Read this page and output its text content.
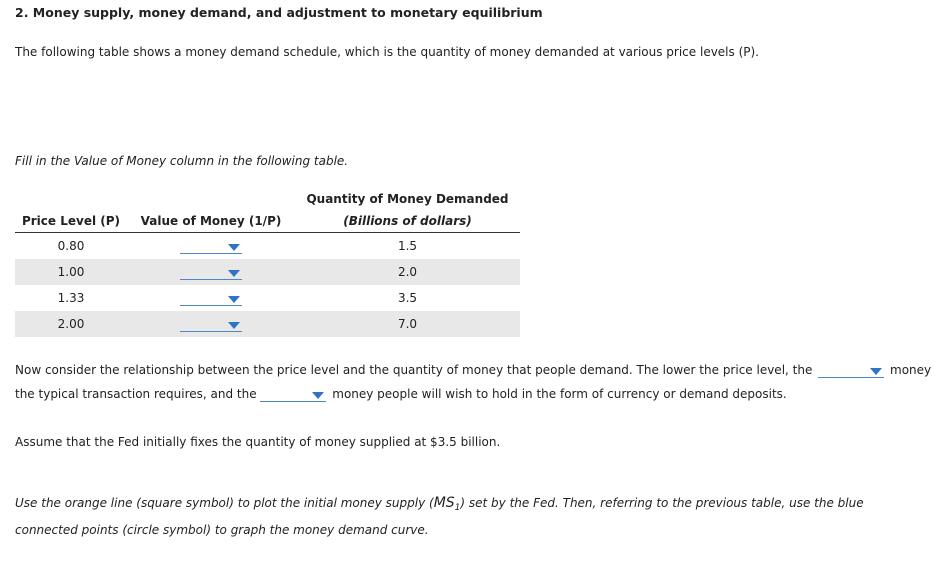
2. Money supply, money demand, and adjustment to monetary equilibrium
The following table shows a money demand schedule, which is the quantity of money demanded at various price levels (P).
Fill in the Value of Money column in the following table.
		Quantity of Money Demanded
Price Level (P)	Value of Money (1/P)	(Billions of dollars)
0.80		1.5
1.00		2.0
1.33		3.5
2.00		7.0
Now consider the relationship between the price level and the quantity of money that people demand. The lower the price level, the	money
the typical transaction requires, and the	money people will wish to hold in the form of currency or demand deposits.
Assume that the Fed initially fixes the quantity of money supplied at $3.5 billion.
Use the orange line (square symbol) to plot the initial money supply $(MS_1)$ set by the Fed. Then, referring to the previous table, use the blue
connected points (circle symbol) to graph the money demand curve.
